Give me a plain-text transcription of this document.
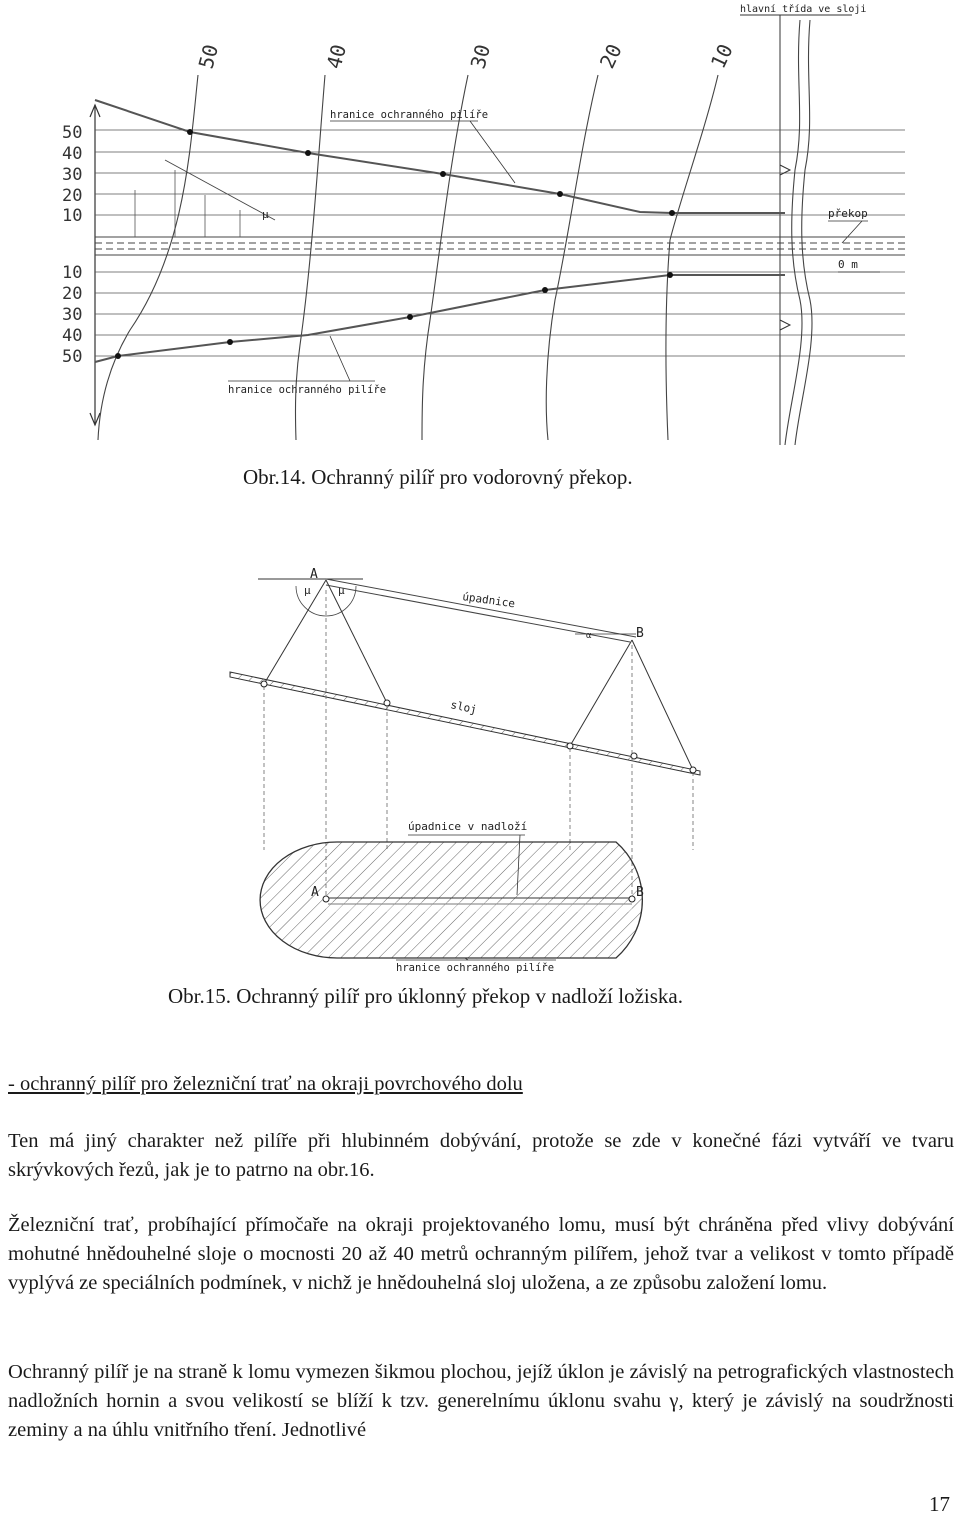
hlavní třída ve sloji
μ
50
40
30
20
10
10
20
30
40
50
50	40	30	20	10
hranice ochranného pilíře
hranice ochranného pilíře
překop
0 m
Obr.14. Ochranný pilíř pro vodorovný překop.
A
μ μ	úpadnice
α	B
sloj
A	B
úpadnice v nadloží
hranice ochranného pilíře
Obr.15. Ochranný pilíř pro úklonný překop v nadloží ložiska.
- ochranný pilíř pro železniční trať na okraji povrchového dolu
Ten má jiný charakter než pilíře při hlubinném dobývání, protože se zde v konečné fázi vytváří ve tvaru skrývkových řezů, jak je to patrno na obr.16.
Železniční trať, probíhající přímočaře na okraji projektovaného lomu, musí být chráněna před vlivy dobývání mohutné hnědouhelné sloje o mocnosti 20 až 40 metrů ochranným pilířem, jehož tvar a velikost v tomto případě vyplývá ze speciálních podmínek, v nichž je hnědouhelná sloj uložena, a ze způsobu založení lomu.
Ochranný pilíř je na straně k lomu vymezen šikmou plochou, jejíž úklon je závislý na petrografických vlastnostech nadložních hornin a svou velikostí se blíží k tzv. generelnímu úklonu svahu γ, který je závislý na soudržnosti zeminy a na úhlu vnitřního tření. Jednotlivé
17
